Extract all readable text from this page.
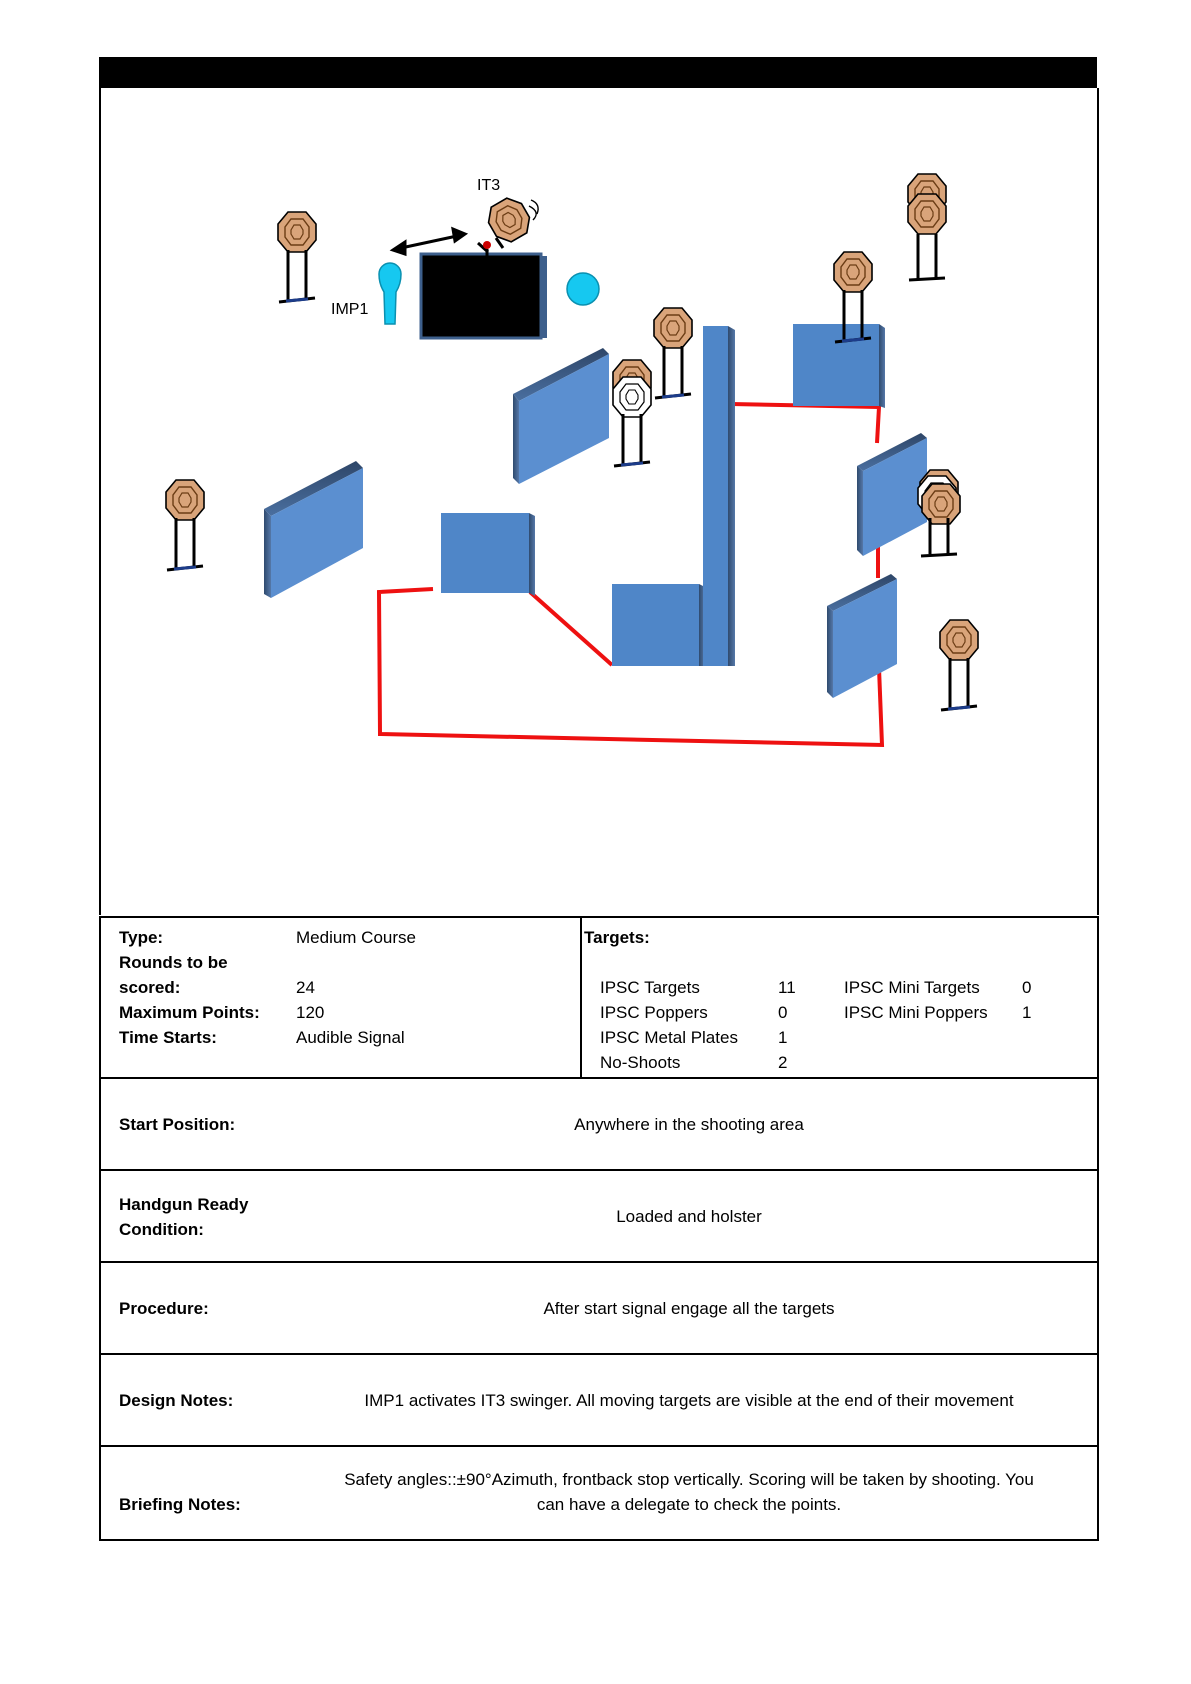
IMP1
IT3
Type:	Medium Course
Rounds to be
scored:	24
Maximum Points: 120
Time Starts:	Audible Signal
Targets:
IPSC Targets	11
IPSC Poppers	0
IPSC Metal Plates 1
No-Shoots	2
IPSC Mini Targets 0
IPSC Mini Poppers 1
Start Position:	Anywhere in the shooting area
Handgun Ready
Condition:
Loaded and holster
Procedure:	After start signal engage all the targets
Design Notes:	IMP1 activates IT3 swinger. All moving targets are visible at the end of their movement
Briefing Notes:
Safety angles::±90°Azimuth, frontback stop vertically. Scoring will be taken by shooting. You
can have a delegate to check the points.
